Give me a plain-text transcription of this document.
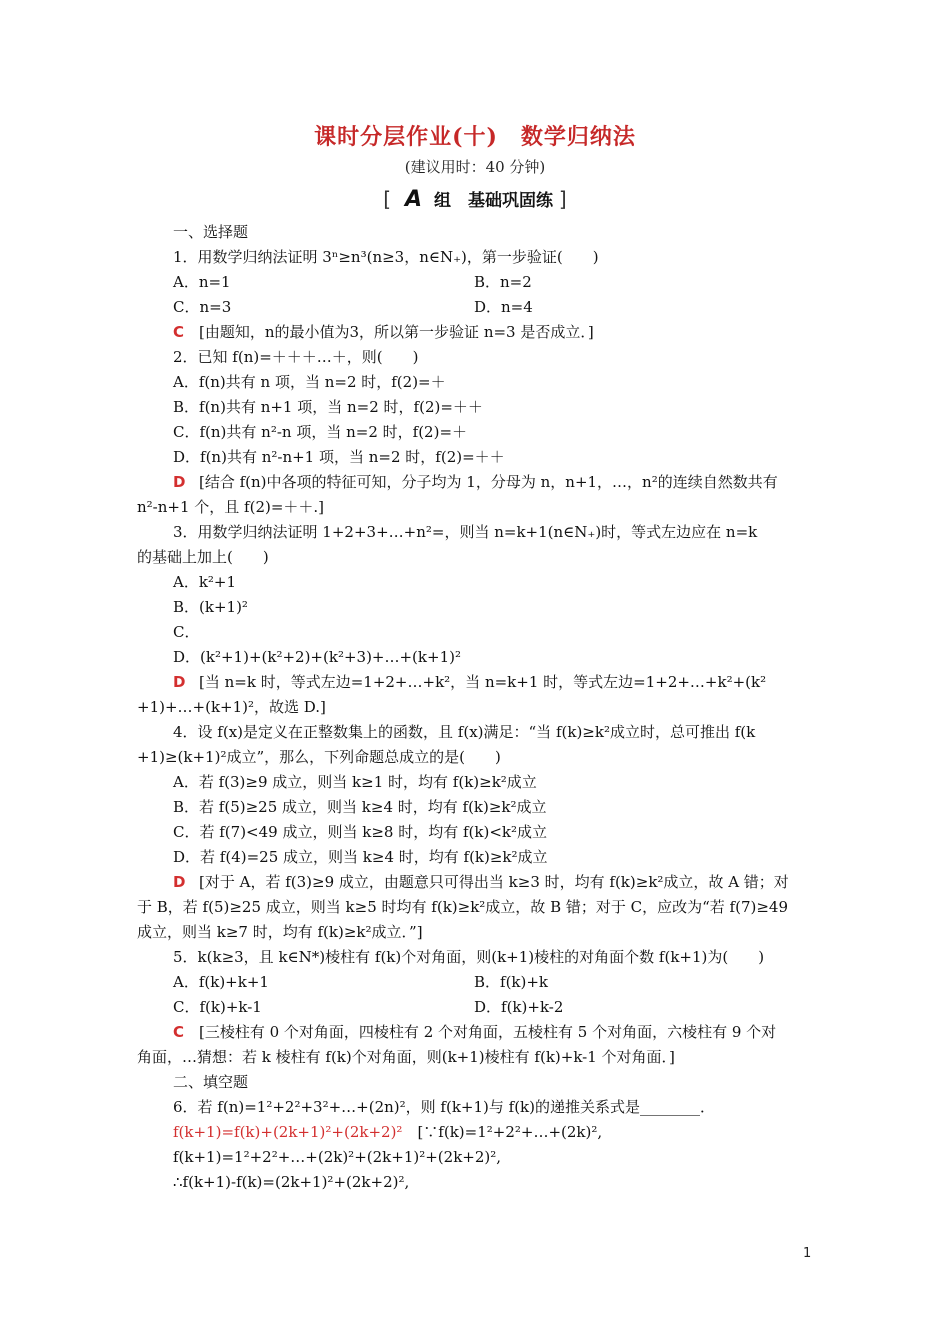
课时分层作业(十)　数学归纳法
(建议用时：40 分钟)
[ A 组　基础巩固练 ]
一、选择题
1．用数学归纳法证明 3ⁿ≥n³(n≥3，n∈N₊)，第一步验证(　　)
A．n=1	B．n=2
C．n=3	D．n=4
C [由题知，n的最小值为3，所以第一步验证 n=3 是否成立．]
2．已知 f(n)=＋＋＋…＋，则(　　)
A．f(n)共有 n 项，当 n=2 时，f(2)=＋
B．f(n)共有 n+1 项，当 n=2 时，f(2)=＋＋
C．f(n)共有 n²-n 项，当 n=2 时，f(2)=＋
D．f(n)共有 n²-n+1 项，当 n=2 时，f(2)=＋＋
D [结合 f(n)中各项的特征可知，分子均为 1，分母为 n，n+1，…，n²的连续自然数共有
n²-n+1 个，且 f(2)=＋＋.]
3．用数学归纳法证明 1+2+3+…+n²=，则当 n=k+1(n∈N₊)时，等式左边应在 n=k
的基础上加上(　　)
A．k²+1
B．(k+1)²
C．
D．(k²+1)+(k²+2)+(k²+3)+…+(k+1)²
D [当 n=k 时，等式左边=1+2+…+k²，当 n=k+1 时，等式左边=1+2+…+k²+(k²
+1)+…+(k+1)²，故选 D.]
4．设 f(x)是定义在正整数集上的函数，且 f(x)满足：“当 f(k)≥k²成立时，总可推出 f(k
+1)≥(k+1)²成立”，那么，下列命题总成立的是(　　)
A．若 f(3)≥9 成立，则当 k≥1 时，均有 f(k)≥k²成立
B．若 f(5)≥25 成立，则当 k≥4 时，均有 f(k)≥k²成立
C．若 f(7)<49 成立，则当 k≥8 时，均有 f(k)<k²成立
D．若 f(4)=25 成立，则当 k≥4 时，均有 f(k)≥k²成立
D [对于 A，若 f(3)≥9 成立，由题意只可得出当 k≥3 时，均有 f(k)≥k²成立，故 A 错；对
于 B，若 f(5)≥25 成立，则当 k≥5 时均有 f(k)≥k²成立，故 B 错；对于 C，应改为“若 f(7)≥49
成立，则当 k≥7 时，均有 f(k)≥k²成立．”]
5．k(k≥3，且 k∈N*)棱柱有 f(k)个对角面，则(k+1)棱柱的对角面个数 f(k+1)为(　　)
A．f(k)+k+1	B．f(k)+k
C．f(k)+k-1	D．f(k)+k-2
C [三棱柱有 0 个对角面，四棱柱有 2 个对角面，五棱柱有 5 个对角面，六棱柱有 9 个对
角面，…猜想：若 k 棱柱有 f(k)个对角面，则(k+1)棱柱有 f(k)+k-1 个对角面．]
二、填空题
6．若 f(n)=1²+2²+3²+…+(2n)²，则 f(k+1)与 f(k)的递推关系式是________．
f(k+1)=f(k)+(2k+1)²+(2k+2)²　[∵f(k)=1²+2²+…+(2k)²,
f(k+1)=1²+2²+…+(2k)²+(2k+1)²+(2k+2)²,
∴f(k+1)-f(k)=(2k+1)²+(2k+2)²,
1
